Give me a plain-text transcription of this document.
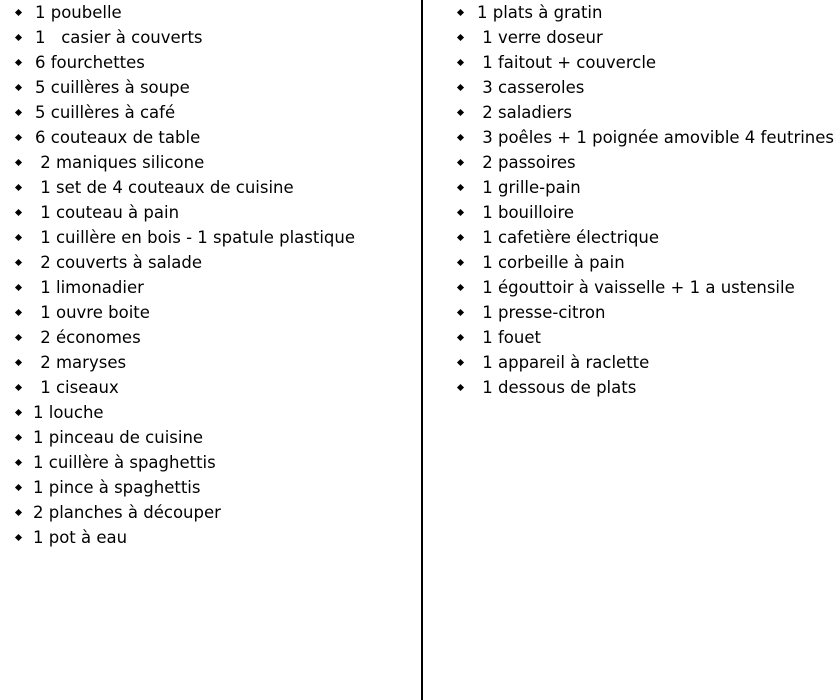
1 poubelle
1   casier à couverts
6 fourchettes
5 cuillères à soupe
5 cuillères à café
6 couteaux de table
2 maniques silicone
1 set de 4 couteaux de cuisine
1 couteau à pain
1 cuillère en bois - 1 spatule plastique
2 couverts à salade
1 limonadier
1 ouvre boite
2 économes
2 maryses
1 ciseaux
1 louche
1 pinceau de cuisine
1 cuillère à spaghettis
1 pince à spaghettis
2 planches à découper
1 pot à eau
1 plats à gratin
1 verre doseur
1 faitout + couvercle
3 casseroles
2 saladiers
3 poêles + 1 poignée amovible 4 feutrines
2 passoires
1 grille-pain
1 bouilloire
1 cafetière électrique
1 corbeille à pain
1 égouttoir à vaisselle + 1 a ustensile
1 presse-citron
1 fouet
1 appareil à raclette
1 dessous de plats
